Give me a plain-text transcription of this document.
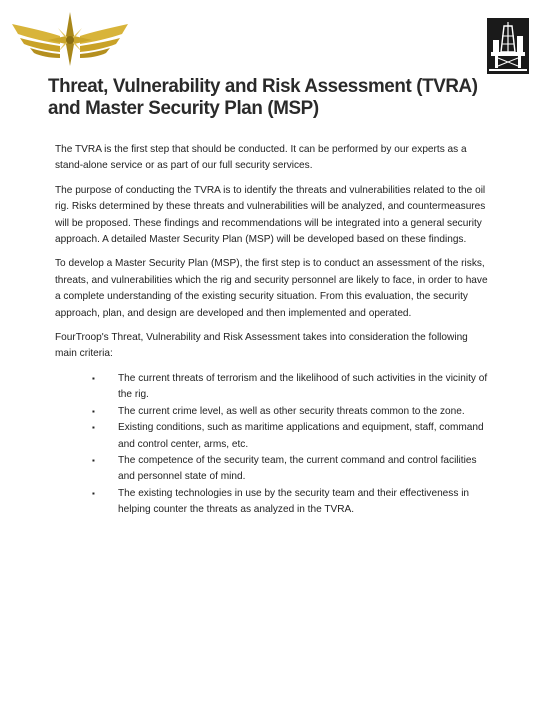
Threat, Vulnerability and Risk Assessment (TVRA)
and Master Security Plan (MSP)

The TVRA is the first step that should be conducted. It can be performed by our experts as a stand-alone service or as part of our full security services.

The purpose of conducting the TVRA is to identify the threats and vulnerabilities related to the oil rig. Risks determined by these threats and vulnerabilities will be analyzed, and countermeasures will be proposed. These findings and recommendations will be integrated into a general security approach. A detailed Master Security Plan (MSP) will be developed based on these findings.

To develop a Master Security Plan (MSP), the first step is to conduct an assessment of the risks, threats, and vulnerabilities which the rig and security personnel are likely to face, in order to have a complete understanding of the existing security situation. From this evaluation, the security approach, plan, and design are developed and then implemented and operated.

FourTroop's Threat, Vulnerability and Risk Assessment takes into consideration the following main criteria:

▪	The current threats of terrorism and the likelihood of such activities in the vicinity of the rig.
▪	The current crime level, as well as other security threats common to the zone.
▪	Existing conditions, such as maritime applications and equipment, staff, command and control center, arms, etc.
▪	The competence of the security team, the current command and control facilities and personnel state of mind.
▪	The existing technologies in use by the security team and their effectiveness in helping counter the threats as analyzed in the TVRA.
